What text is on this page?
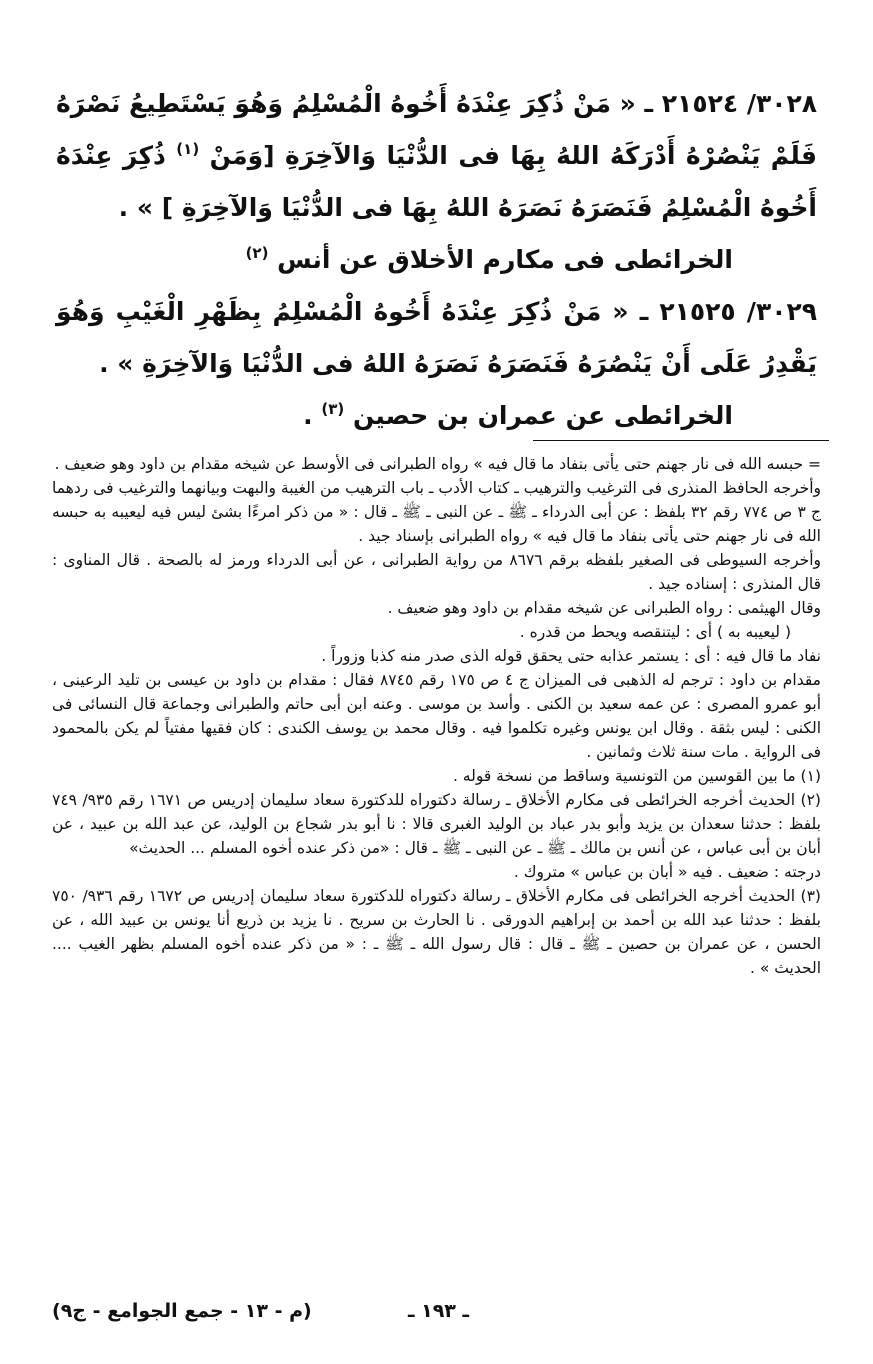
٣٠٢٨/ ٢١٥٢٤ ـ « مَنْ ذُكِرَ عِنْدَهُ أَخُوهُ الْمُسْلِمُ وَهُوَ يَسْتَطِيعُ نَصْرَهُ فَلَمْ يَنْصُرْهُ أَدْرَكَهُ اللهُ بِهَا فى الدُّنْيَا وَالآخِرَةِ [وَمَنْ $^{(١)}$ ذُكِرَ عِنْدَهُ أَخُوهُ الْمُسْلِمُ فَنَصَرَهُ نَصَرَهُ اللهُ بِهَا فى الدُّنْيَا وَالآخِرَةِ ] » .

الخرائطى فى مكارم الأخلاق عن أنس $^{(٢)}$

٣٠٢٩/ ٢١٥٢٥ ـ « مَنْ ذُكِرَ عِنْدَهُ أَخُوهُ الْمُسْلِمُ بِظَهْرِ الْغَيْبِ وَهُوَ يَقْدِرُ عَلَى أَنْ يَنْصُرَهُ فَنَصَرَهُ نَصَرَهُ اللهُ فى الدُّنْيَا وَالآخِرَةِ » .

الخرائطى عن عمران بن حصين $^{(٣)}$ .

= حبسه الله فى نار جهنم حتى يأتى بنفاد ما قال فيه » رواه الطبرانى فى الأوسط عن شيخه مقدام بن داود وهو ضعيف .

وأخرجه الحافظ المنذرى فى الترغيب والترهيب ـ كتاب الأدب ـ باب الترهيب من الغيبة والبهت وبيانهما والترغيب فى ردهما ج ٣ ص ٧٧٤ رقم ٣٢ بلفظ : عن أبى الدرداء ـ ﷺ ـ عن النبى ـ ﷺ ـ قال : « من ذكر امرءًا بشئ ليس فيه ليعيبه به حبسه الله فى نار جهنم حتى يأتى بنفاد ما قال فيه » رواه الطبرانى بإسناد جيد .

وأخرجه السيوطى فى الصغير بلفظه برقم ٨٦٧٦ من رواية الطبرانى ، عن أبى الدرداء ورمز له بالصحة . قال المناوى : قال المنذرى : إسناده جيد .

وقال الهيثمى : رواه الطبرانى عن شيخه مقدام بن داود وهو ضعيف .

( ليعيبه به ) أى : ليتنقصه ويحط من قدره .

نفاد ما قال فيه : أى : يستمر عذابه حتى يحقق قوله الذى صدر منه كذبا وزوراً .

مقدام بن داود : ترجم له الذهبى فى الميزان ج ٤ ص ١٧٥ رقم ٨٧٤٥ فقال : مقدام بن داود بن عيسى بن تليد الرعينى ، أبو عمرو المصرى : عن عمه سعيد بن الكنى . وأسد بن موسى . وعنه ابن أبى حاتم والطبرانى وجماعة قال النسائى فى الكنى : ليس بثقة . وقال ابن يونس وغيره تكلموا فيه . وقال محمد بن يوسف الكندى : كان فقيها مفتياً لم يكن بالمحمود فى الرواية . مات سنة ثلاث وثمانين .

(١) ما بين القوسين من التونسية وساقط من نسخة قوله .

(٢) الحديث أخرجه الخرائطى فى مكارم الأخلاق ـ رسالة دكتوراه للدكتورة سعاد سليمان إدريس ص ١٦٧١ رقم ٩٣٥/ ٧٤٩ بلفظ : حدثنا سعدان بن يزيد وأبو بدر عباد بن الوليد الغبرى قالا : نا أبو بدر شجاع بن الوليد، عن عبد الله بن عبيد ، عن أبان بن أبى عباس ، عن أنس بن مالك ـ ﷺ ـ عن النبى ـ ﷺ ـ قال : «من ذكر عنده أخوه المسلم ... الحديث»

درجته : ضعيف . فيه « أبان بن عباس » متروك .

(٣) الحديث أخرجه الخرائطى فى مكارم الأخلاق ـ رسالة دكتوراه للدكتورة سعاد سليمان إدريس ص ١٦٧٢ رقم ٩٣٦/ ٧٥٠ بلفظ : حدثنا عبد الله بن أحمد بن إبراهيم الدورقى . نا الحارث بن سريح . نا يزيد بن ذريع أنا يونس بن عبيد الله ، عن الحسن ، عن عمران بن حصين ـ ﷺ ـ قال : قال رسول الله ـ ﷺ ـ : « من ذكر عنده أخوه المسلم بظهر الغيب .... الحديث » .

ـ ١٩٣ ـ
(م - ١٣ - جمع الجوامع - ج٩)
